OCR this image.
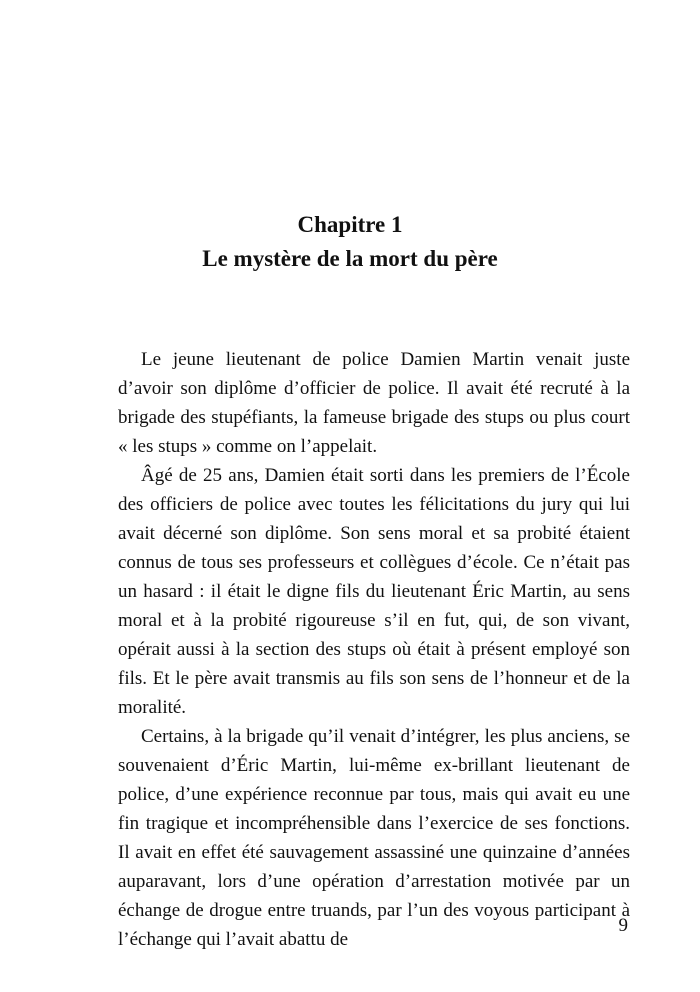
Chapitre 1
Le mystère de la mort du père

Le jeune lieutenant de police Damien Martin venait juste d’avoir son diplôme d’officier de police. Il avait été recruté à la brigade des stupéfiants, la fameuse brigade des stups ou plus court « les stups » comme on l’appelait.

Âgé de 25 ans, Damien était sorti dans les premiers de l’École des officiers de police avec toutes les félicitations du jury qui lui avait décerné son diplôme. Son sens moral et sa probité étaient connus de tous ses professeurs et collègues d’école. Ce n’était pas un hasard : il était le digne fils du lieutenant Éric Martin, au sens moral et à la probité rigoureuse s’il en fut, qui, de son vivant, opérait aussi à la section des stups où était à présent employé son fils. Et le père avait transmis au fils son sens de l’honneur et de la moralité.

Certains, à la brigade qu’il venait d’intégrer, les plus anciens, se souvenaient d’Éric Martin, lui-même ex-brillant lieutenant de police, d’une expérience reconnue par tous, mais qui avait eu une fin tragique et incompréhensible dans l’exercice de ses fonctions. Il avait en effet été sauvagement assassiné une quinzaine d’années auparavant, lors d’une opération d’arrestation motivée par un échange de drogue entre truands, par l’un des voyous participant à l’échange qui l’avait abattu de

9
